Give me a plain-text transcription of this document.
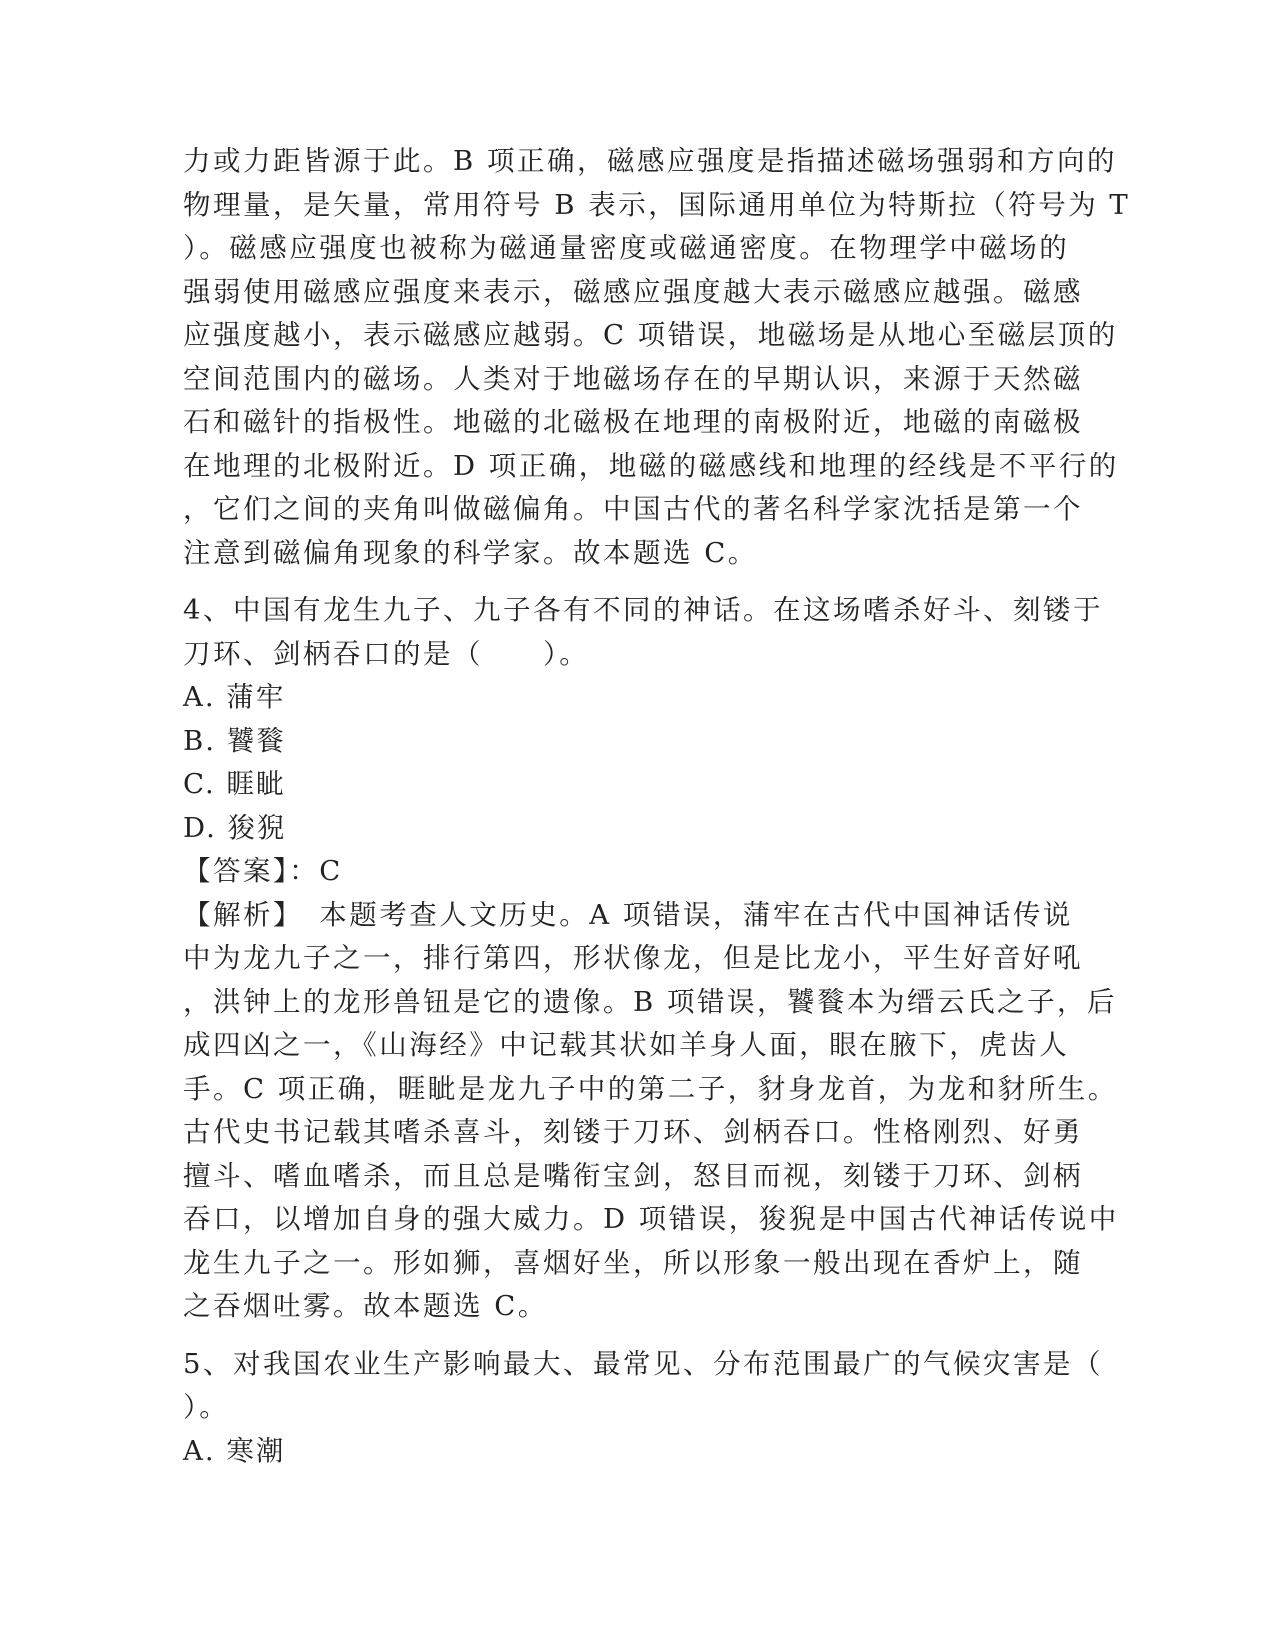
力或力距皆源于此。B 项正确，磁感应强度是指描述磁场强弱和方向的
物理量，是矢量，常用符号 B 表示，国际通用单位为特斯拉（符号为 T
）。磁感应强度也被称为磁通量密度或磁通密度。在物理学中磁场的
强弱使用磁感应强度来表示，磁感应强度越大表示磁感应越强。磁感
应强度越小，表示磁感应越弱。C 项错误，地磁场是从地心至磁层顶的
空间范围内的磁场。人类对于地磁场存在的早期认识，来源于天然磁
石和磁针的指极性。地磁的北磁极在地理的南极附近，地磁的南磁极
在地理的北极附近。D 项正确，地磁的磁感线和地理的经线是不平行的
，它们之间的夹角叫做磁偏角。中国古代的著名科学家沈括是第一个
注意到磁偏角现象的科学家。故本题选 C。
4、中国有龙生九子、九子各有不同的神话。在这场嗜杀好斗、刻镂于
刀环、剑柄吞口的是（　　）。
A. 蒲牢
B. 饕餮
C. 睚眦
D. 狻猊
【答案】：C
【解析】　本题考查人文历史。A 项错误，蒲牢在古代中国神话传说
中为龙九子之一，排行第四，形状像龙，但是比龙小，平生好音好吼
，洪钟上的龙形兽钮是它的遗像。B 项错误，饕餮本为缙云氏之子，后
成四凶之一，《山海经》中记载其状如羊身人面，眼在腋下，虎齿人
手。C 项正确，睚眦是龙九子中的第二子，豺身龙首，为龙和豺所生。
古代史书记载其嗜杀喜斗，刻镂于刀环、剑柄吞口。性格刚烈、好勇
擅斗、嗜血嗜杀，而且总是嘴衔宝剑，怒目而视，刻镂于刀环、剑柄
吞口，以增加自身的强大威力。D 项错误，狻猊是中国古代神话传说中
龙生九子之一。形如狮，喜烟好坐，所以形象一般出现在香炉上，随
之吞烟吐雾。故本题选 C。
5、对我国农业生产影响最大、最常见、分布范围最广的气候灾害是（
）。
A. 寒潮
